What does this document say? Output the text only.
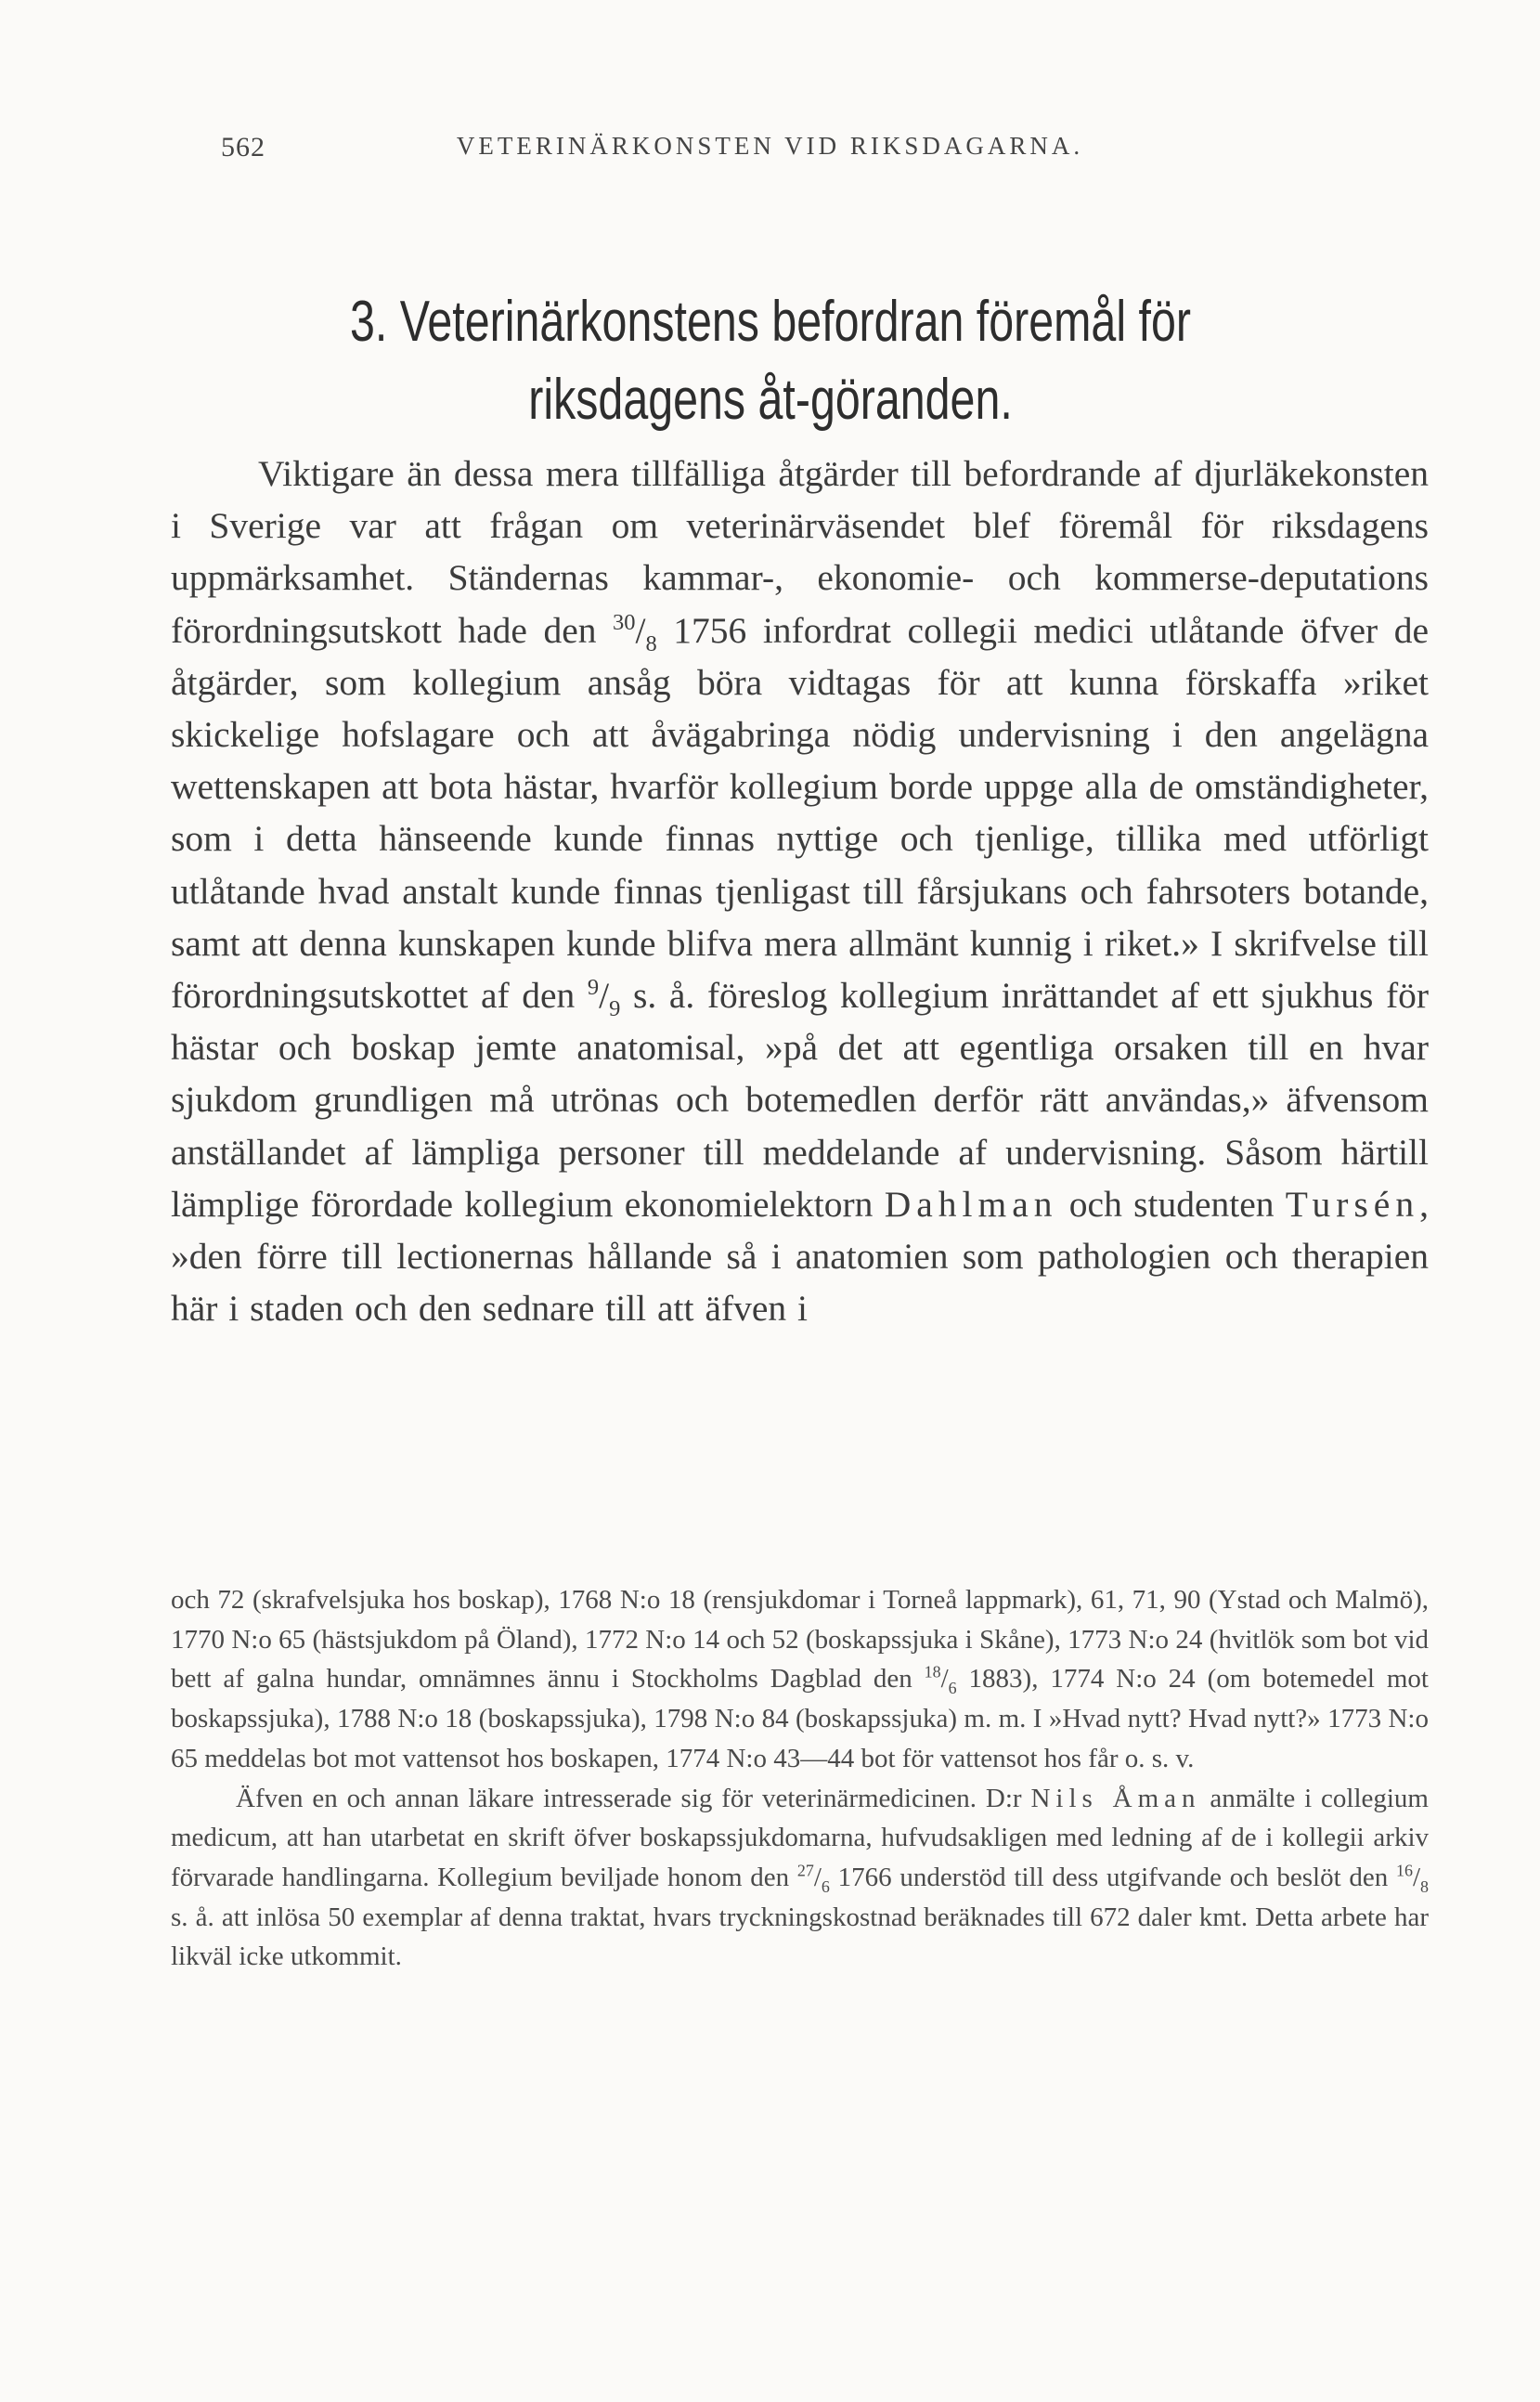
562	VETERINÄRKONSTEN VID RIKSDAGARNA.
3. Veterinärkonstens befordran föremål för riksdagens åt-göranden.

Viktigare än dessa mera tillfälliga åtgärder till befordrande af djurläkekonsten i Sverige var att frågan om veterinärväsendet blef föremål för riksdagens uppmärksamhet. Ständernas kammar-, ekonomie- och kommerse-deputations förordningsutskott hade den $^{30}/_8$ 1756 infordrat collegii medici utlåtande öfver de åtgärder, som kollegium ansåg böra vidtagas för att kunna förskaffa »riket skickelige hofslagare och att åvägabringa nödig undervisning i den angelägna wettenskapen att bota hästar, hvarför kollegium borde uppge alla de omständigheter, som i detta hänseende kunde finnas nyttige och tjenlige, tillika med utförligt utlåtande hvad anstalt kunde finnas tjenligast till fårsjukans och fahrsoters botande, samt att denna kunskapen kunde blifva mera allmänt kunnig i riket.» I skrifvelse till förordningsutskottet af den $^9/_9$ s. å. föreslog kollegium inrättandet af ett sjukhus för hästar och boskap jemte anatomisal, »på det att egentliga orsaken till en hvar sjukdom grundligen må utrönas och botemedlen derför rätt användas,» äfvensom anställandet af lämpliga personer till meddelande af undervisning. Såsom härtill lämplige förordade kollegium ekonomielektorn Dahlman och studenten Tursén, »den förre till lectionernas hållande så i anatomien som pathologien och therapien här i staden och den sednare till att äfven i

och 72 (skrafvelsjuka hos boskap), 1768 N:o 18 (rensjukdomar i Torneå lappmark), 61, 71, 90 (Ystad och Malmö), 1770 N:o 65 (hästsjukdom på Öland), 1772 N:o 14 och 52 (boskapssjuka i Skåne), 1773 N:o 24 (hvitlök som bot vid bett af galna hundar, omnämnes ännu i Stockholms Dagblad den $^{18}/_6$ 1883), 1774 N:o 24 (om botemedel mot boskapssjuka), 1788 N:o 18 (boskapssjuka), 1798 N:o 84 (boskapssjuka) m. m. I »Hvad nytt? Hvad nytt?» 1773 N:o 65 meddelas bot mot vattensot hos boskapen, 1774 N:o 43—44 bot för vattensot hos får o. s. v.

Äfven en och annan läkare intresserade sig för veterinärmedicinen. D:r Nils Åman anmälte i collegium medicum, att han utarbetat en skrift öfver boskapssjukdomarna, hufvudsakligen med ledning af de i kollegii arkiv förvarade handlingarna. Kollegium beviljade honom den $^{27}/_6$ 1766 understöd till dess utgifvande och beslöt den $^{16}/_8$ s. å. att inlösa 50 exemplar af denna traktat, hvars tryckningskostnad beräknades till 672 daler kmt. Detta arbete har likväl icke utkommit.
